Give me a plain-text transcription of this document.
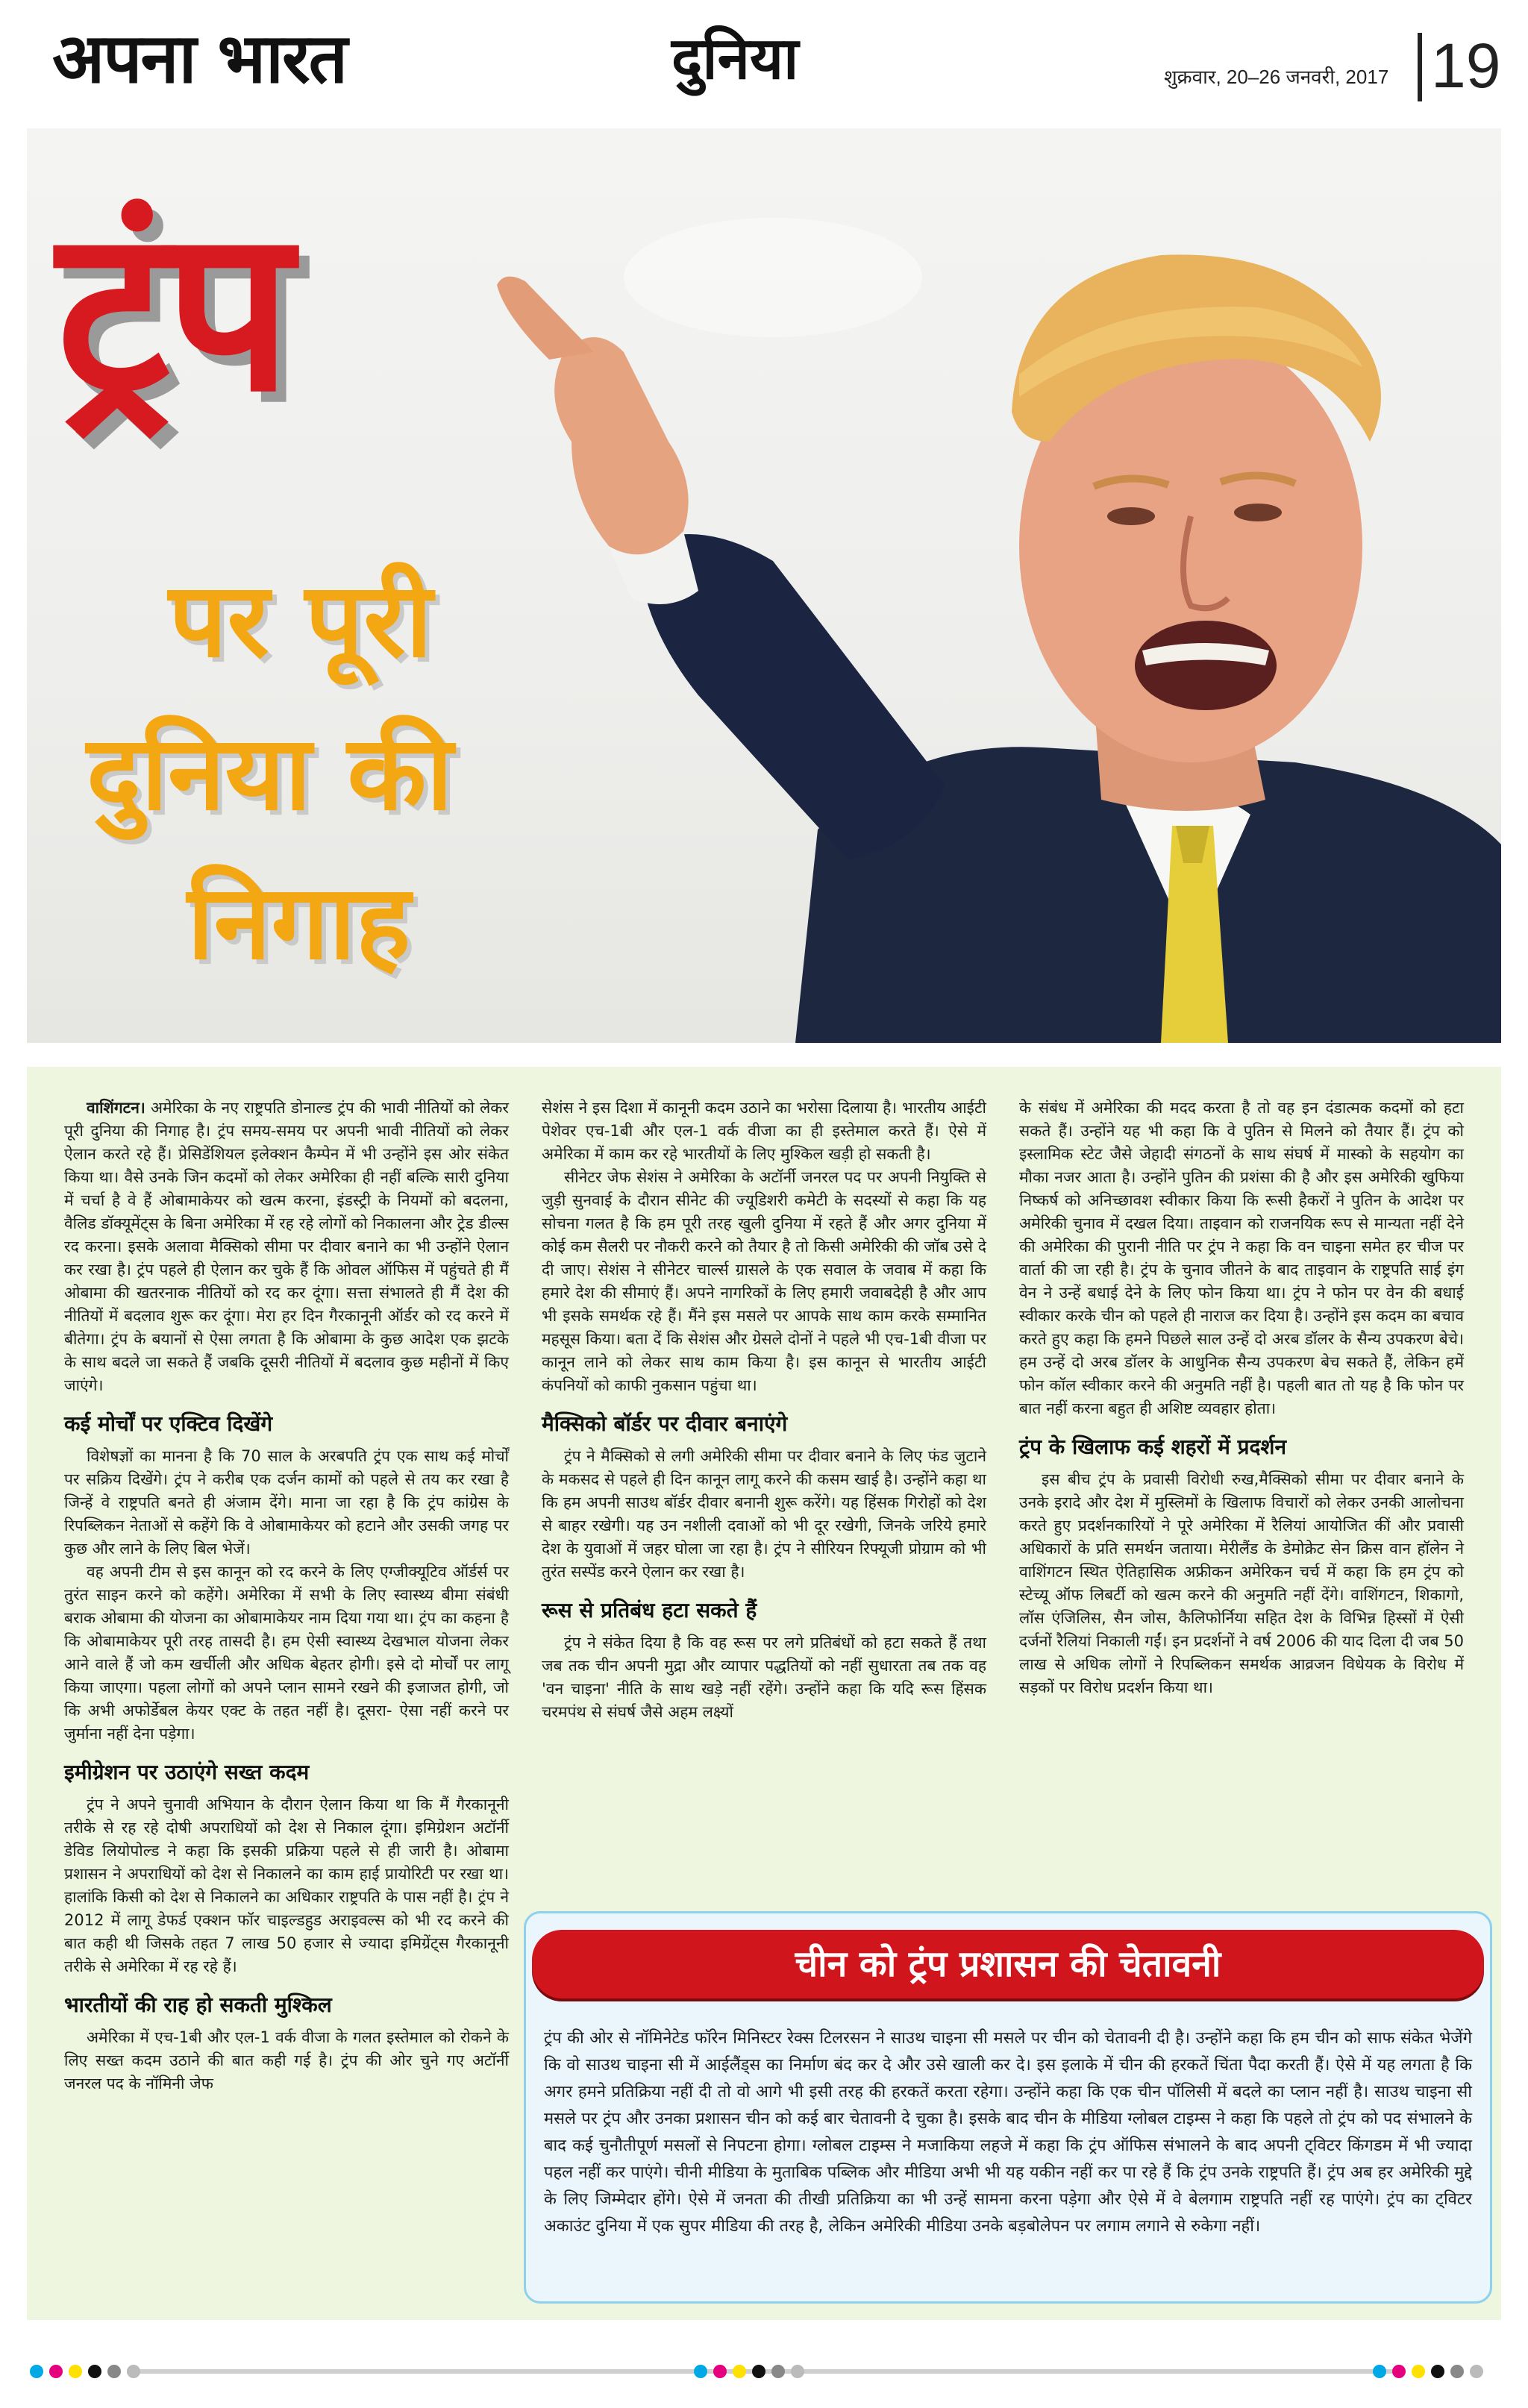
अपना भारत	दुनिया	शुक्रवार, 20–26 जनवरी, 2017 19
ट्रंप
पर पूरी
दुनिया की
निगाह

वाशिंगटन। अमेरिका के नए राष्ट्रपति डोनाल्ड ट्रंप की भावी नीतियों को लेकर पूरी दुनिया की निगाह है। ट्रंप समय-समय पर अपनी भावी नीतियों को लेकर ऐलान करते रहे हैं। प्रेसिडेंशियल इलेक्शन कैम्पेन में भी उन्होंने इस ओर संकेत किया था। वैसे उनके जिन कदमों को लेकर अमेरिका ही नहीं बल्कि सारी दुनिया में चर्चा है वे हैं ओबामाकेयर को खत्म करना, इंडस्ट्री के नियमों को बदलना, वैलिड डॉक्यूमेंट्स के बिना अमेरिका में रह रहे लोगों को निकालना और ट्रेड डील्स रद करना। इसके अलावा मैक्सिको सीमा पर दीवार बनाने का भी उन्होंने ऐलान कर रखा है। ट्रंप पहले ही ऐलान कर चुके हैं कि ओवल ऑफिस में पहुंचते ही मैं ओबामा की खतरनाक नीतियों को रद कर दूंगा। सत्ता संभालते ही मैं देश की नीतियों में बदलाव शुरू कर दूंगा। मेरा हर दिन गैरकानूनी ऑर्डर को रद करने में बीतेगा। ट्रंप के बयानों से ऐसा लगता है कि ओबामा के कुछ आदेश एक झटके के साथ बदले जा सकते हैं जबकि दूसरी नीतियों में बदलाव कुछ महीनों में किए जाएंगे।

कई मोर्चों पर एक्टिव दिखेंगे

विशेषज्ञों का मानना है कि 70 साल के अरबपति ट्रंप एक साथ कई मोर्चों पर सक्रिय दिखेंगे। ट्रंप ने करीब एक दर्जन कामों को पहले से तय कर रखा है जिन्हें वे राष्ट्रपति बनते ही अंजाम देंगे। माना जा रहा है कि ट्रंप कांग्रेस के रिपब्लिकन नेताओं से कहेंगे कि वे ओबामाकेयर को हटाने और उसकी जगह पर कुछ और लाने के लिए बिल भेजें।

वह अपनी टीम से इस कानून को रद करने के लिए एग्जीक्यूटिव ऑर्डर्स पर तुरंत साइन करने को कहेंगे। अमेरिका में सभी के लिए स्वास्थ्य बीमा संबंधी बराक ओबामा की योजना का ओबामाकेयर नाम दिया गया था। ट्रंप का कहना है कि ओबामाकेयर पूरी तरह तासदी है। हम ऐसी स्वास्थ्य देखभाल योजना लेकर आने वाले हैं जो कम खर्चीली और अधिक बेहतर होगी। इसे दो मोर्चों पर लागू किया जाएगा। पहला लोगों को अपने प्लान सामने रखने की इजाजत होगी, जो कि अभी अफोर्डेबल केयर एक्ट के तहत नहीं है। दूसरा- ऐसा नहीं करने पर जुर्माना नहीं देना पड़ेगा।

इमीग्रेशन पर उठाएंगे सख्त कदम

ट्रंप ने अपने चुनावी अभियान के दौरान ऐलान किया था कि मैं गैरकानूनी तरीके से रह रहे दोषी अपराधियों को देश से निकाल दूंगा। इमिग्रेशन अटॉर्नी डेविड लियोपोल्ड ने कहा कि इसकी प्रक्रिया पहले से ही जारी है। ओबामा प्रशासन ने अपराधियों को देश से निकालने का काम हाई प्रायोरिटी पर रखा था। हालांकि किसी को देश से निकालने का अधिकार राष्ट्रपति के पास नहीं है। ट्रंप ने 2012 में लागू डेफर्ड एक्शन फॉर चाइल्डहुड अराइवल्स को भी रद करने की बात कही थी जिसके तहत 7 लाख 50 हजार से ज्यादा इमिग्रेंट्स गैरकानूनी तरीके से अमेरिका में रह रहे हैं।

भारतीयों की राह हो सकती मुश्किल

अमेरिका में एच-1बी और एल-1 वर्क वीजा के गलत इस्तेमाल को रोकने के लिए सख्त कदम उठाने की बात कही गई है। ट्रंप की ओर चुने गए अटॉर्नी जनरल पद के नॉमिनी जेफ

सेशंस ने इस दिशा में कानूनी कदम उठाने का भरोसा दिलाया है। भारतीय आईटी पेशेवर एच-1बी और एल-1 वर्क वीजा का ही इस्तेमाल करते हैं। ऐसे में अमेरिका में काम कर रहे भारतीयों के लिए मुश्किल खड़ी हो सकती है।

सीनेटर जेफ सेशंस ने अमेरिका के अटॉर्नी जनरल पद पर अपनी नियुक्ति से जुड़ी सुनवाई के दौरान सीनेट की ज्यूडिशरी कमेटी के सदस्यों से कहा कि यह सोचना गलत है कि हम पूरी तरह खुली दुनिया में रहते हैं और अगर दुनिया में कोई कम सैलरी पर नौकरी करने को तैयार है तो किसी अमेरिकी की जॉब उसे दे दी जाए। सेशंस ने सीनेटर चार्ल्स ग्रासले के एक सवाल के जवाब में कहा कि हमारे देश की सीमाएं हैं। अपने नागरिकों के लिए हमारी जवाबदेही है और आप भी इसके समर्थक रहे हैं। मैंने इस मसले पर आपके साथ काम करके सम्मानित महसूस किया। बता दें कि सेशंस और ग्रेसले दोनों ने पहले भी एच-1बी वीजा पर कानून लाने को लेकर साथ काम किया है। इस कानून से भारतीय आईटी कंपनियों को काफी नुकसान पहुंचा था।

मैक्सिको बॉर्डर पर दीवार बनाएंगे

ट्रंप ने मैक्सिको से लगी अमेरिकी सीमा पर दीवार बनाने के लिए फंड जुटाने के मकसद से पहले ही दिन कानून लागू करने की कसम खाई है। उन्होंने कहा था कि हम अपनी साउथ बॉर्डर दीवार बनानी शुरू करेंगे। यह हिंसक गिरोहों को देश से बाहर रखेगी। यह उन नशीली दवाओं को भी दूर रखेगी, जिनके जरिये हमारे देश के युवाओं में जहर घोला जा रहा है। ट्रंप ने सीरियन रिफ्यूजी प्रोग्राम को भी तुरंत सस्पेंड करने ऐलान कर रखा है।

रूस से प्रतिबंध हटा सकते हैं

ट्रंप ने संकेत दिया है कि वह रूस पर लगे प्रतिबंधों को हटा सकते हैं तथा जब तक चीन अपनी मुद्रा और व्यापार पद्धतियों को नहीं सुधारता तब तक वह 'वन चाइना' नीति के साथ खड़े नहीं रहेंगे। उन्होंने कहा कि यदि रूस हिंसक चरमपंथ से संघर्ष जैसे अहम लक्ष्यों

के संबंध में अमेरिका की मदद करता है तो वह इन दंडात्मक कदमों को हटा सकते हैं। उन्होंने यह भी कहा कि वे पुतिन से मिलने को तैयार हैं। ट्रंप को इस्लामिक स्टेट जैसे जेहादी संगठनों के साथ संघर्ष में मास्को के सहयोग का मौका नजर आता है। उन्होंने पुतिन की प्रशंसा की है और इस अमेरिकी खुफिया निष्कर्ष को अनिच्छावश स्वीकार किया कि रूसी हैकरों ने पुतिन के आदेश पर अमेरिकी चुनाव में दखल दिया। ताइवान को राजनयिक रूप से मान्यता नहीं देने की अमेरिका की पुरानी नीति पर ट्रंप ने कहा कि वन चाइना समेत हर चीज पर वार्ता की जा रही है। ट्रंप के चुनाव जीतने के बाद ताइवान के राष्ट्रपति साई इंग वेन ने उन्हें बधाई देने के लिए फोन किया था। ट्रंप ने फोन पर वेन की बधाई स्वीकार करके चीन को पहले ही नाराज कर दिया है। उन्होंने इस कदम का बचाव करते हुए कहा कि हमने पिछले साल उन्हें दो अरब डॉलर के सैन्य उपकरण बेचे। हम उन्हें दो अरब डॉलर के आधुनिक सैन्य उपकरण बेच सकते हैं, लेकिन हमें फोन कॉल स्वीकार करने की अनुमति नहीं है। पहली बात तो यह है कि फोन पर बात नहीं करना बहुत ही अशिष्ट व्यवहार होता।

ट्रंप के खिलाफ कई शहरों में प्रदर्शन

इस बीच ट्रंप के प्रवासी विरोधी रुख,मैक्सिको सीमा पर दीवार बनाने के उनके इरादे और देश में मुस्लिमों के खिलाफ विचारों को लेकर उनकी आलोचना करते हुए प्रदर्शनकारियों ने पूरे अमेरिका में रैलियां आयोजित कीं और प्रवासी अधिकारों के प्रति समर्थन जताया। मेरीलैंड के डेमोक्रेट सेन क्रिस वान हॉलेन ने वाशिंगटन स्थित ऐतिहासिक अफ्रीकन अमेरिकन चर्च में कहा कि हम ट्रंप को स्टेच्यू ऑफ लिबर्टी को खत्म करने की अनुमति नहीं देंगे। वाशिंगटन, शिकागो, लॉस एंजिलिस, सैन जोस, कैलिफोर्निया सहित देश के विभिन्न हिस्सों में ऐसी दर्जनों रैलियां निकाली गईं। इन प्रदर्शनों ने वर्ष 2006 की याद दिला दी जब 50 लाख से अधिक लोगों ने रिपब्लिकन समर्थक आव्रजन विधेयक के विरोध में सड़कों पर विरोध प्रदर्शन किया था।

चीन को ट्रंप प्रशासन की चेतावनी
ट्रंप की ओर से नॉमिनेटेड फॉरेन मिनिस्टर रेक्स टिलरसन ने साउथ चाइना सी मसले पर चीन को चेतावनी दी है। उन्होंने कहा कि हम चीन को साफ संकेत भेजेंगे कि वो साउथ चाइना सी में आईलैंड्स का निर्माण बंद कर दे और उसे खाली कर दे। इस इलाके में चीन की हरकतें चिंता पैदा करती हैं। ऐसे में यह लगता है कि अगर हमने प्रतिक्रिया नहीं दी तो वो आगे भी इसी तरह की हरकतें करता रहेगा। उन्होंने कहा कि एक चीन पॉलिसी में बदले का प्लान नहीं है। साउथ चाइना सी मसले पर ट्रंप और उनका प्रशासन चीन को कई बार चेतावनी दे चुका है। इसके बाद चीन के मीडिया ग्लोबल टाइम्स ने कहा कि पहले तो ट्रंप को पद संभालने के बाद कई चुनौतीपूर्ण मसलों से निपटना होगा। ग्लोबल टाइम्स ने मजाकिया लहजे में कहा कि ट्रंप ऑफिस संभालने के बाद अपनी ट्विटर किंगडम में भी ज्यादा पहल नहीं कर पाएंगे। चीनी मीडिया के मुताबिक पब्लिक और मीडिया अभी भी यह यकीन नहीं कर पा रहे हैं कि ट्रंप उनके राष्ट्रपति हैं। ट्रंप अब हर अमेरिकी मुद्दे के लिए जिम्मेदार होंगे। ऐसे में जनता की तीखी प्रतिक्रिया का भी उन्हें सामना करना पड़ेगा और ऐसे में वे बेलगाम राष्ट्रपति नहीं रह पाएंगे। ट्रंप का ट्विटर अकाउंट दुनिया में एक सुपर मीडिया की तरह है, लेकिन अमेरिकी मीडिया उनके बड़बोलेपन पर लगाम लगाने से रुकेगा नहीं।
